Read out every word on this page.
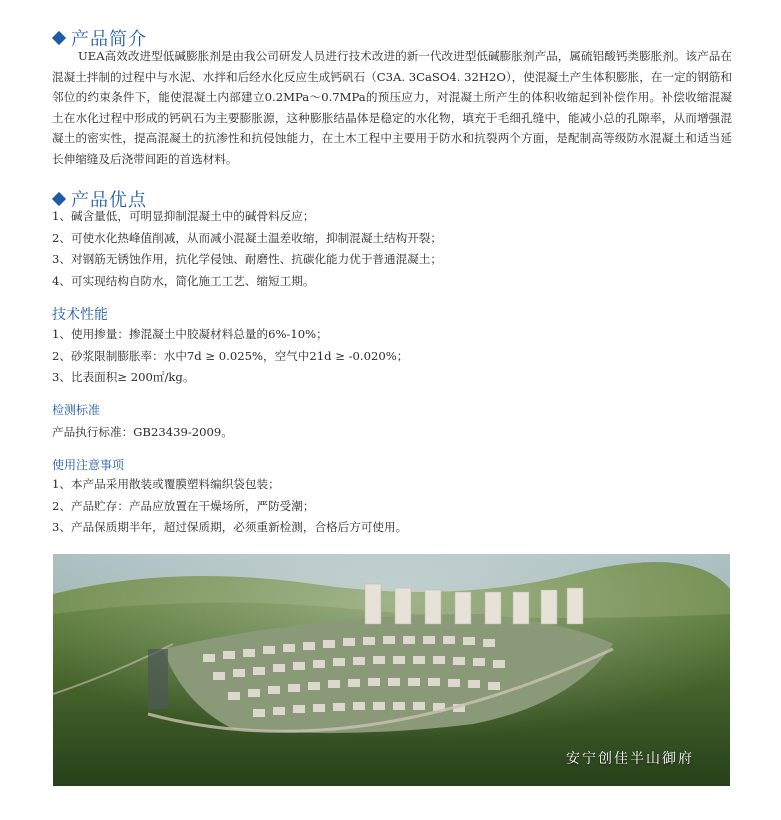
产品简介
UEA高效改进型低碱膨胀剂是由我公司研发人员进行技术改进的新一代改进型低碱膨胀剂产品，属硫铝酸钙类膨胀剂。该产品在混凝土拌制的过程中与水泥、水拌和后经水化反应生成钙矾石（C3A. 3CaSO4. 32H2O），使混凝土产生体积膨胀，在一定的钢筋和邻位的约束条件下，能使混凝土内部建立0.2MPa～0.7MPa的预压应力，对混凝土所产生的体积收缩起到补偿作用。补偿收缩混凝土在水化过程中形成的钙矾石为主要膨胀源，这种膨胀结晶体是稳定的水化物，填充于毛细孔缝中，能减小总的孔隙率，从而增强混凝土的密实性，提高混凝土的抗渗性和抗侵蚀能力，在土木工程中主要用于防水和抗裂两个方面，是配制高等级防水混凝土和适当延长伸缩缝及后浇带间距的首选材料。
产品优点
1、碱含量低，可明显抑制混凝土中的碱骨料反应；
2、可使水化热峰值削减，从而减小混凝土温差收缩，抑制混凝土结构开裂；
3、对钢筋无锈蚀作用，抗化学侵蚀、耐磨性、抗碳化能力优于普通混凝土；
4、可实现结构自防水，简化施工工艺、缩短工期。
技术性能
1、使用掺量：掺混凝土中胶凝材料总量的6%-10%；
2、砂浆限制膨胀率：水中7d ≥ 0.025%，空气中21d ≥ -0.020%；
3、比表面积≥ 200㎡/kg。
检测标准
产品执行标准：GB23439-2009。
使用注意事项
1、本产品采用散装或覆膜塑料编织袋包装；
2、产品贮存：产品应放置在干燥场所，严防受潮；
3、产品保质期半年，超过保质期，必须重新检测，合格后方可使用。
安宁创佳半山御府
